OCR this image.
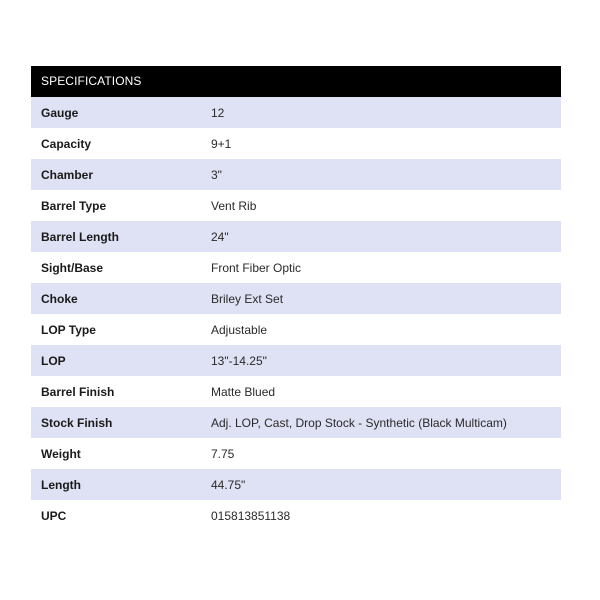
SPECIFICATIONS
Gauge	12
Capacity	9+1
Chamber	3"
Barrel Type	Vent Rib
Barrel Length	24"
Sight/Base	Front Fiber Optic
Choke	Briley Ext Set
LOP Type	Adjustable
LOP	13"-14.25"
Barrel Finish	Matte Blued
Stock Finish	Adj. LOP, Cast, Drop Stock - Synthetic (Black Multicam)
Weight	7.75
Length	44.75"
UPC	015813851138
